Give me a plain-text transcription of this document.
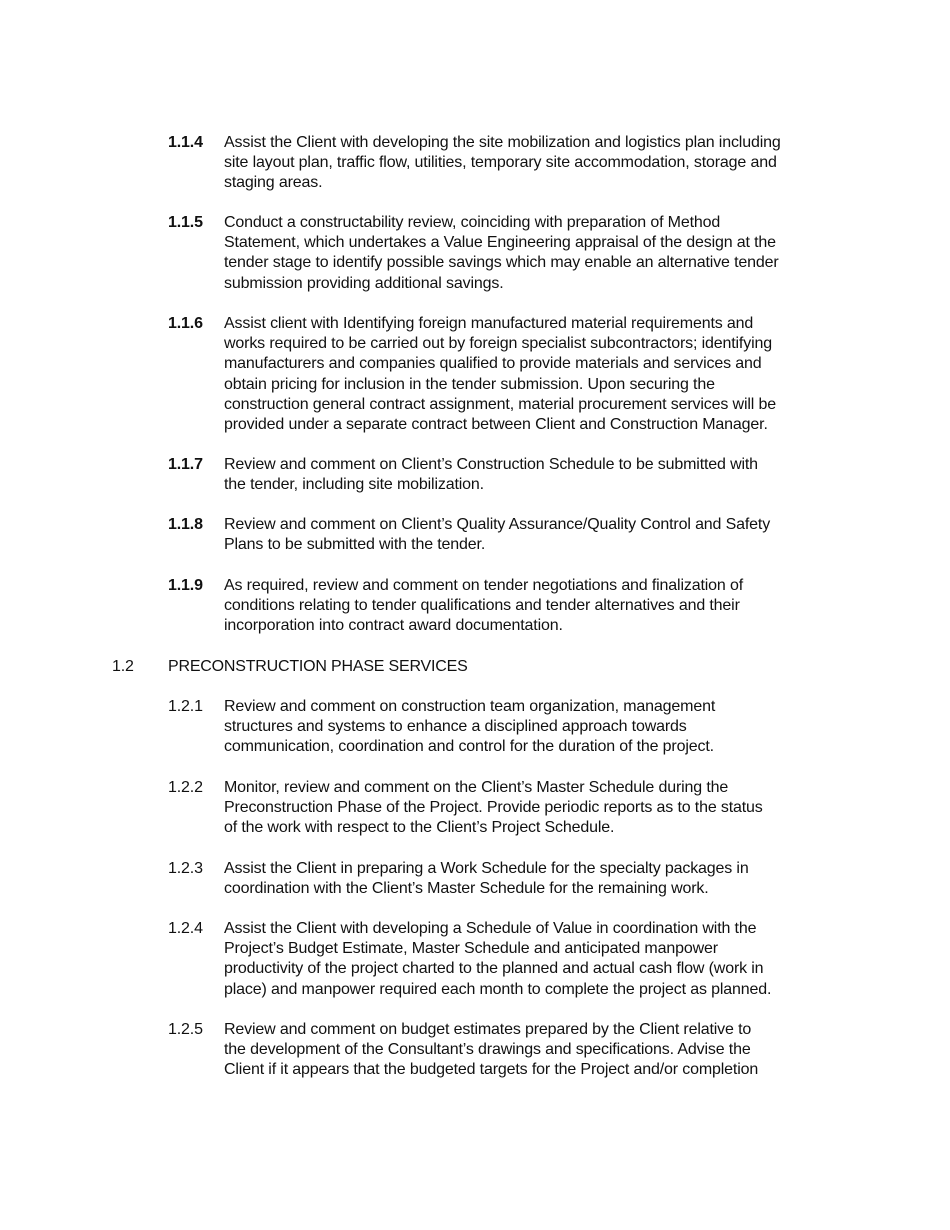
1.1.4	Assist the Client with developing the site mobilization and logistics plan including
site layout plan, traffic flow, utilities, temporary site accommodation, storage and
staging areas.
1.1.5	Conduct a constructability review, coinciding with preparation of Method
Statement, which undertakes a Value Engineering appraisal of the design at the
tender stage to identify possible savings which may enable an alternative tender
submission providing additional savings.
1.1.6	Assist client with Identifying foreign manufactured material requirements and
works required to be carried out by foreign specialist subcontractors; identifying
manufacturers and companies qualified to provide materials and services and
obtain pricing for inclusion in the tender submission. Upon securing the
construction general contract assignment, material procurement services will be
provided under a separate contract between Client and Construction Manager.
1.1.7	Review and comment on Client’s Construction Schedule to be submitted with
the tender, including site mobilization.
1.1.8	Review and comment on Client’s Quality Assurance/Quality Control and Safety
Plans to be submitted with the tender.
1.1.9	As required, review and comment on tender negotiations and finalization of
conditions relating to tender qualifications and tender alternatives and their
incorporation into contract award documentation.
1.2 PRECONSTRUCTION PHASE SERVICES
1.2.1	Review and comment on construction team organization, management
structures and systems to enhance a disciplined approach towards
communication, coordination and control for the duration of the project.
1.2.2	Monitor, review and comment on the Client’s Master Schedule during the
Preconstruction Phase of the Project. Provide periodic reports as to the status
of the work with respect to the Client’s Project Schedule.
1.2.3	Assist the Client in preparing a Work Schedule for the specialty packages in
coordination with the Client’s Master Schedule for the remaining work.
1.2.4	Assist the Client with developing a Schedule of Value in coordination with the
Project’s Budget Estimate, Master Schedule and anticipated manpower
productivity of the project charted to the planned and actual cash flow (work in
place) and manpower required each month to complete the project as planned.
1.2.5	Review and comment on budget estimates prepared by the Client relative to
the development of the Consultant’s drawings and specifications. Advise the
Client if it appears that the budgeted targets for the Project and/or completion
